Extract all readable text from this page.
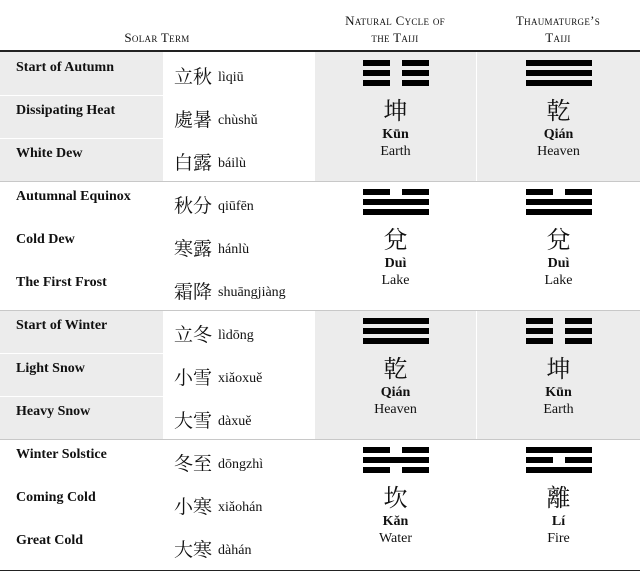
Solar Term
Natural Cycle of
the Taiji
Thaumaturge’s
Taiji
坤
Kūn
Earth
乾
Qián
Heaven
Start of Autumn	立秋 lìqiū
Dissipating Heat	處暑 chùshǔ
White Dew	白露 báilù
兌
Duì
Lake
兌
Duì
Lake
Autumnal Equinox 秋分 qiūfēn
Cold Dew	寒露 hánlù
The First Frost	霜降 shuāngjiàng
乾
Qián
Heaven
坤
Kūn
Earth
Start of Winter	立冬 lìdōng
Light Snow	小雪 xiǎoxuě
Heavy Snow	大雪 dàxuě
坎
Kǎn
Water
離
Lí
Fire
Winter Solstice	冬至 dōngzhì
Coming Cold	小寒 xiǎohán
Great Cold	大寒 dàhán
